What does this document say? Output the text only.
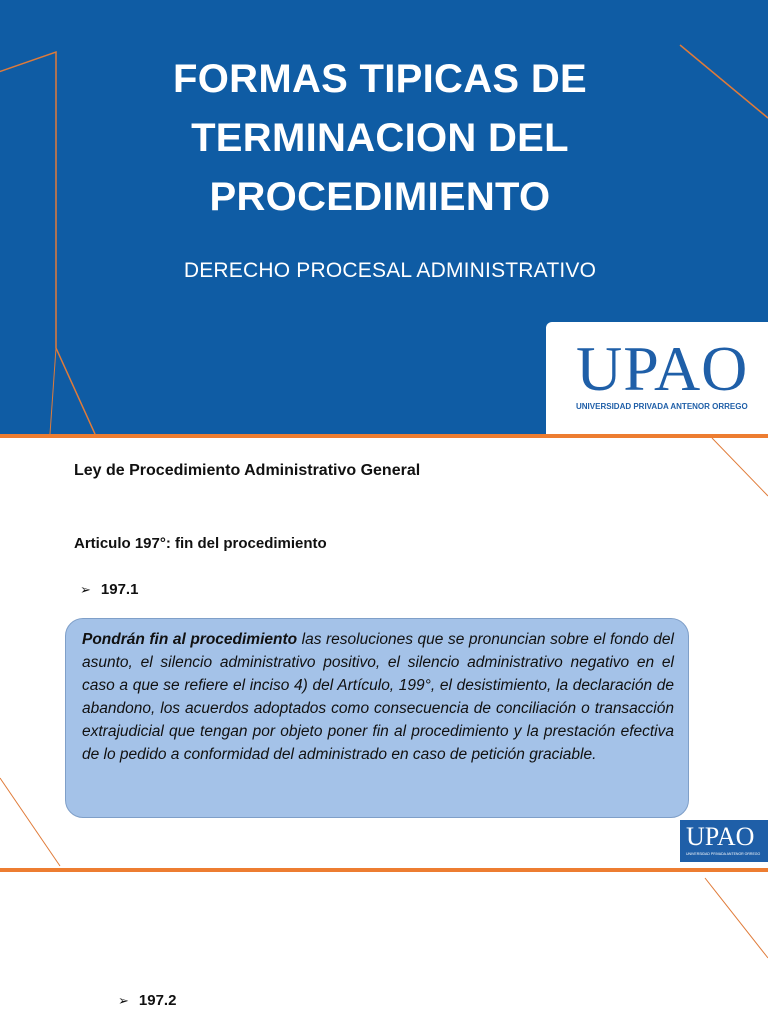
FORMAS TIPICAS DE
TERMINACION DEL
PROCEDIMIENTO
DERECHO PROCESAL ADMINISTRATIVO
UPAO
UNIVERSIDAD PRIVADA ANTENOR ORREGO
Ley de Procedimiento Administrativo General
Articulo 197°: fin del procedimiento
➢ 197.1
Pondrán fin al procedimiento las resoluciones que se pronuncian sobre el fondo del asunto, el silencio administrativo positivo, el silencio administrativo negativo en el caso a que se refiere el inciso 4) del Artículo, 199°, el desistimiento, la declaración de abandono, los acuerdos adoptados como consecuencia de conciliación o transacción extrajudicial que tengan por objeto poner fin al procedimiento y la prestación efectiva de lo pedido a conformidad del administrado en caso de petición graciable.
UPAO
UNIVERSIDAD PRIVADA ANTENOR ORREGO
➢ 197.2
